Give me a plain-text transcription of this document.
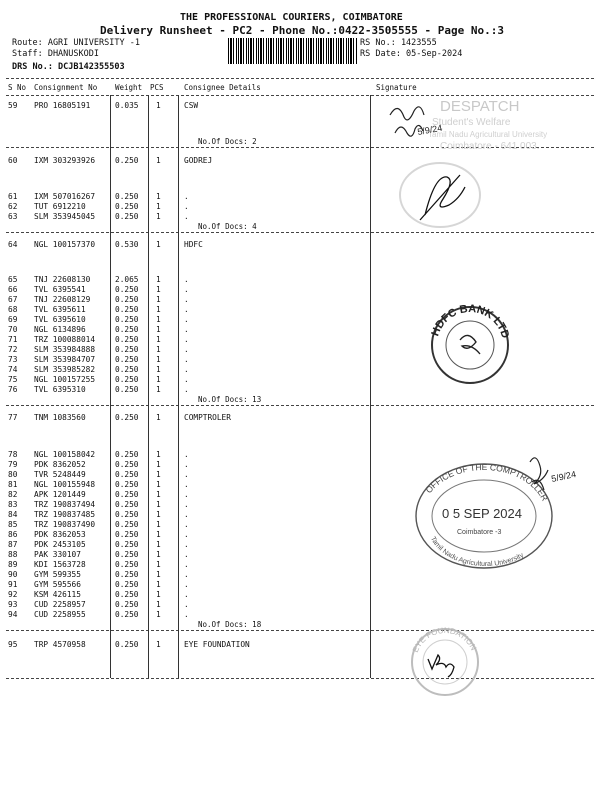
THE PROFESSIONAL COURIERS, COIMBATORE
Delivery Runsheet - PC2 - Phone No.:0422-3505555 - Page No.:3
Route: AGRI UNIVERSITY -1
Staff: DHANUSKODI
DRS No.: DCJB142355503
RS No.: 1423555
RS Date: 05-Sep-2024
S No Consignment No Weight PCS	Consignee Details	Signature
59 PRO 16805191	0.035 1	CSW
No.Of Docs: 2
60 IXM 303293926	0.250 1	GODREJ
61 IXM 507016267	0.250 1	.
62 TUT 6912210	0.250 1	.
63 SLM 353945045	0.250 1	.
No.Of Docs: 4
64 NGL 100157370	0.530 1	HDFC
65 TNJ 22608130	2.065 1	.
66 TVL 6395541	0.250 1	.
67 TNJ 22608129	0.250 1	.
68 TVL 6395611	0.250 1	.
69 TVL 6395610	0.250 1	.
70 NGL 6134896	0.250 1	.
71 TRZ 100088014	0.250 1	.
72 SLM 353984888	0.250 1	.
73 SLM 353984707	0.250 1	.
74 SLM 353985282	0.250 1	.
75 NGL 100157255	0.250 1	.
76 TVL 6395310	0.250 1	.
No.Of Docs: 13
77 TNM 1083560	0.250 1	COMPTROLER
78 NGL 100158042	0.250 1	.
79 PDK 8362052	0.250 1	.
80 TVR 5248449	0.250 1	.
81 NGL 100155948	0.250 1	.
82 APK 1201449	0.250 1	.
83 TRZ 190837494	0.250 1	.
84 TRZ 190837485	0.250 1	.
85 TRZ 190837490	0.250 1	.
86 PDK 8362053	0.250 1	.
87 PDK 2453105	0.250 1	.
88 PAK 330107	0.250 1	.
89 KDI 1563728	0.250 1	.
90 GYM 599355	0.250 1	.
91 GYM 595566	0.250 1	.
92 KSM 426115	0.250 1	.
93 CUD 2258957	0.250 1	.
94 CUD 2258955	0.250 1	.
No.Of Docs: 18
95 TRP 4570958	0.250 1	EYE FOUNDATION
DESPATCH
Student's Welfare
Tamil Nadu Agricultural University
Coimbatore - 641 003.
5/9/24
HDFC BANK LTD
OFFICE OF THE COMPTROLLER
Tamil Nadu Agricultural University
0 5 SEP 2024
Coimbatore -3
5/9/24
EYE FOUNDATION
